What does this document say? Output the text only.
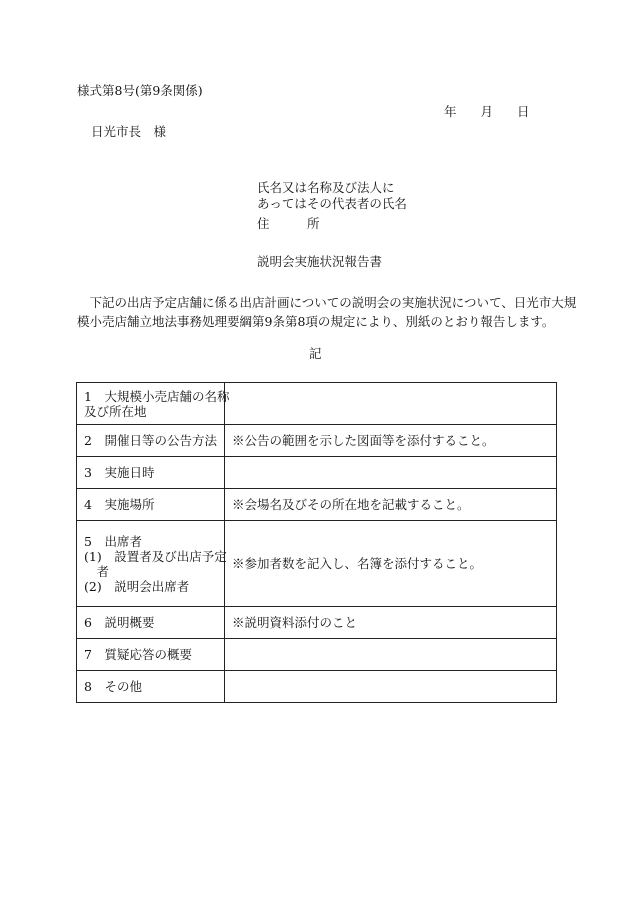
様式第8号(第9条関係)
年 月 日
日光市長　様
氏名又は名称及び法人に
あってはその代表者の氏名
住　　　所
説明会実施状況報告書
　下記の出店予定店舗に係る出店計画についての説明会の実施状況について、日光市大規
模小売店舗立地法事務処理要綱第9条第8項の規定により、別紙のとおり報告します。
記
1　大規模小売店舗の名称
及び所在地	

2　開催日等の公告方法	※公告の範囲を示した図面等を添付すること。

3　実施日時	

4　実施場所	※会場名及びその所在地を記載すること。

5　出席者
(1)　設置者及び出店予定
　者
(2)　説明会出席者	※参加者数を記入し、名簿を添付すること。

6　説明概要	※説明資料添付のこと

7　質疑応答の概要	

8　その他	
